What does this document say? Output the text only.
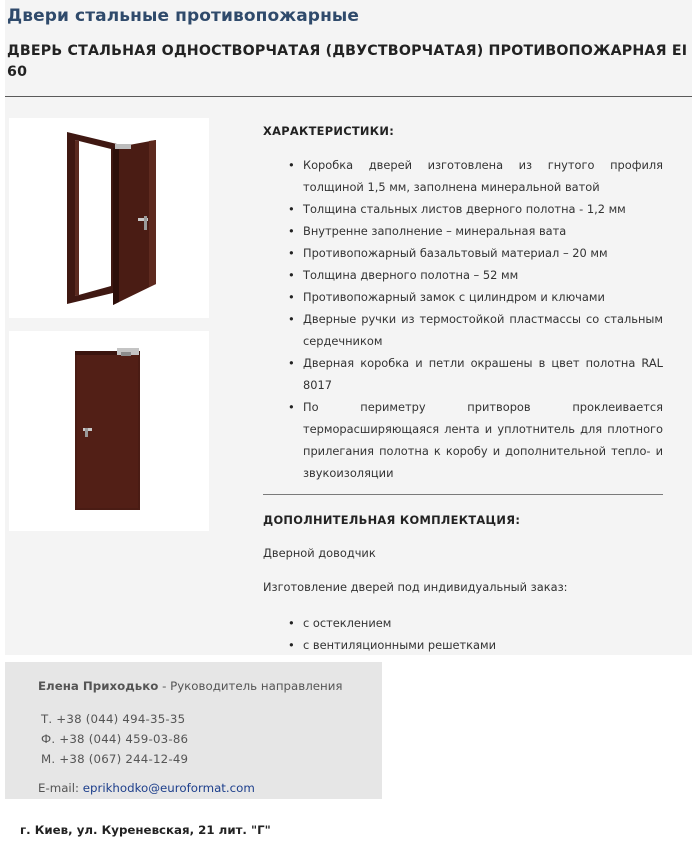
Двери стальные противопожарные
ДВЕРЬ СТАЛЬНАЯ ОДНОСТВОРЧАТАЯ (ДВУСТВОРЧАТАЯ) ПРОТИВОПОЖАРНАЯ EI 60
ХАРАКТЕРИСТИКИ:
• Коробка дверей изготовлена из гнутого профиля толщиной 1,5 мм, заполнена минеральной ватой
• Толщина стальных листов дверного полотна - 1,2 мм
• Внутренне заполнение – минеральная вата
• Противопожарный базальтовый материал – 20 мм
• Толщина дверного полотна – 52 мм
• Противопожарный замок с цилиндром и ключами
• Дверные ручки из термостойкой пластмассы со стальным сердечником
• Дверная коробка и петли окрашены в цвет полотна RAL 8017
• По периметру притворов проклеивается терморасширяющаяся лента и уплотнитель для плотного прилегания полотна к коробу и дополнительной тепло- и звукоизоляции
ДОПОЛНИТЕЛЬНАЯ КОМПЛЕКТАЦИЯ:
Дверной доводчик
Изготовление дверей под индивидуальный заказ:
• с остеклением
• с вентиляционными решетками
Елена Приходько - Руководитель направления
Т. +38 (044) 494-35-35
Ф. +38 (044) 459-03-86
М. +38 (067) 244-12-49
E-mail: eprikhodko@euroformat.com
г. Киев, ул. Куреневская, 21 лит. "Г"
